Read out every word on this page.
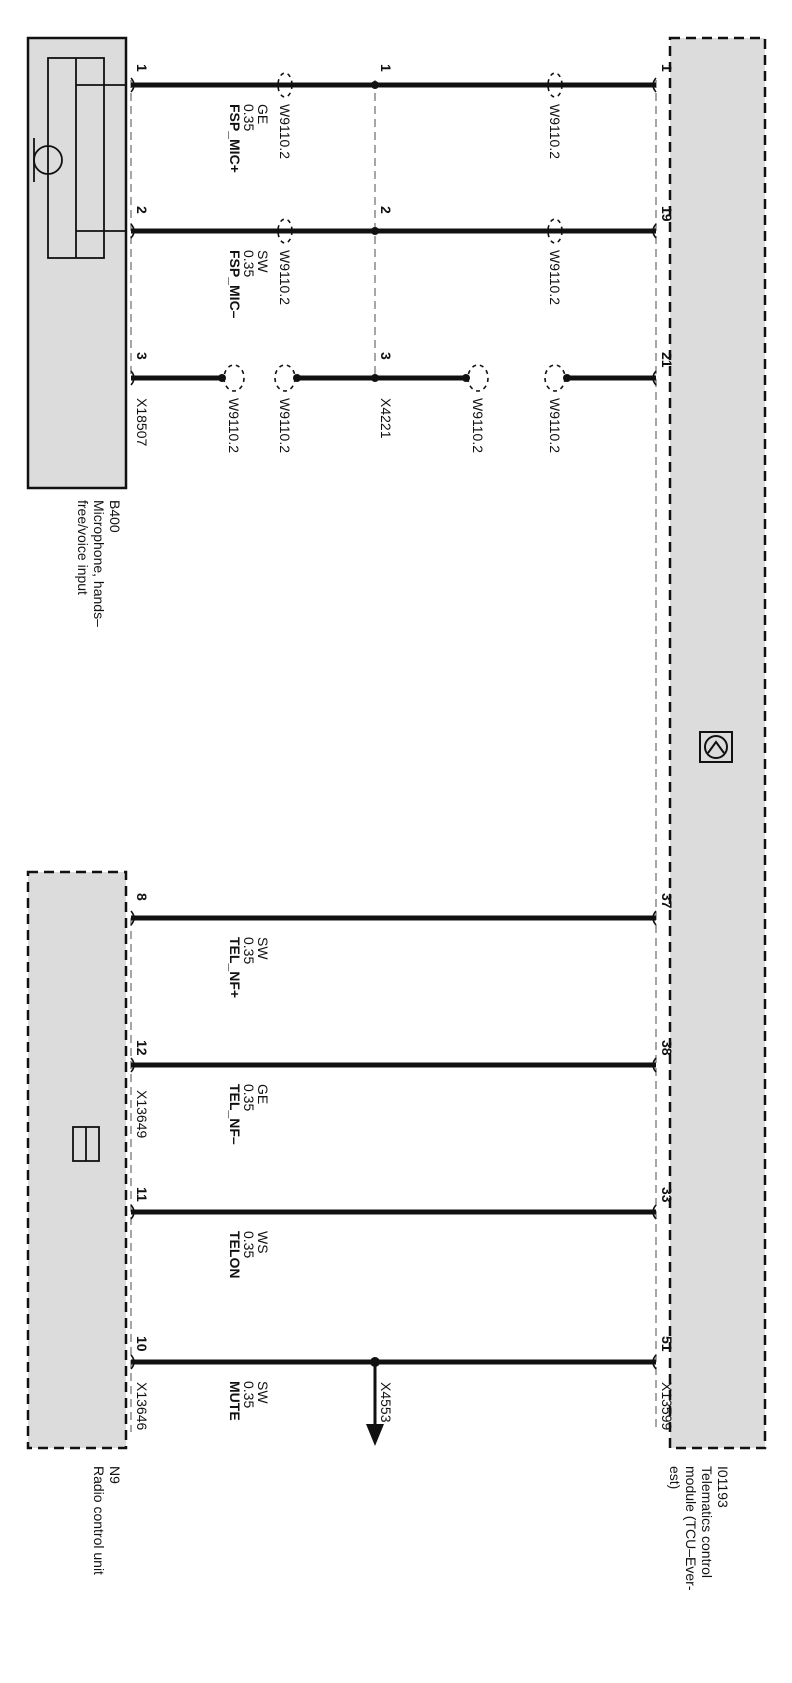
1
19
21
37
38
33
51
X13599
1
2
3
X18507
8
12
X13649
11
10
X13646
1
2
3
X4221
X4553
W9110.2
W9110.2
W9110.2
W9110.2
W9110.2
W9110.2
W9110.2
W9110.2
FSP_MIC+
0.35
GE
FSP_MIC–
0.35
SW
TEL_NF+
0.35
SW
TEL_NF–
0.35
GE
TELON
0.35
WS
MUTE
0.35
SW
I01193
Telematics control
module (TCU–Ever-
est)
B400
Microphone, hands–
free/voice input
N9
Radio control unit
